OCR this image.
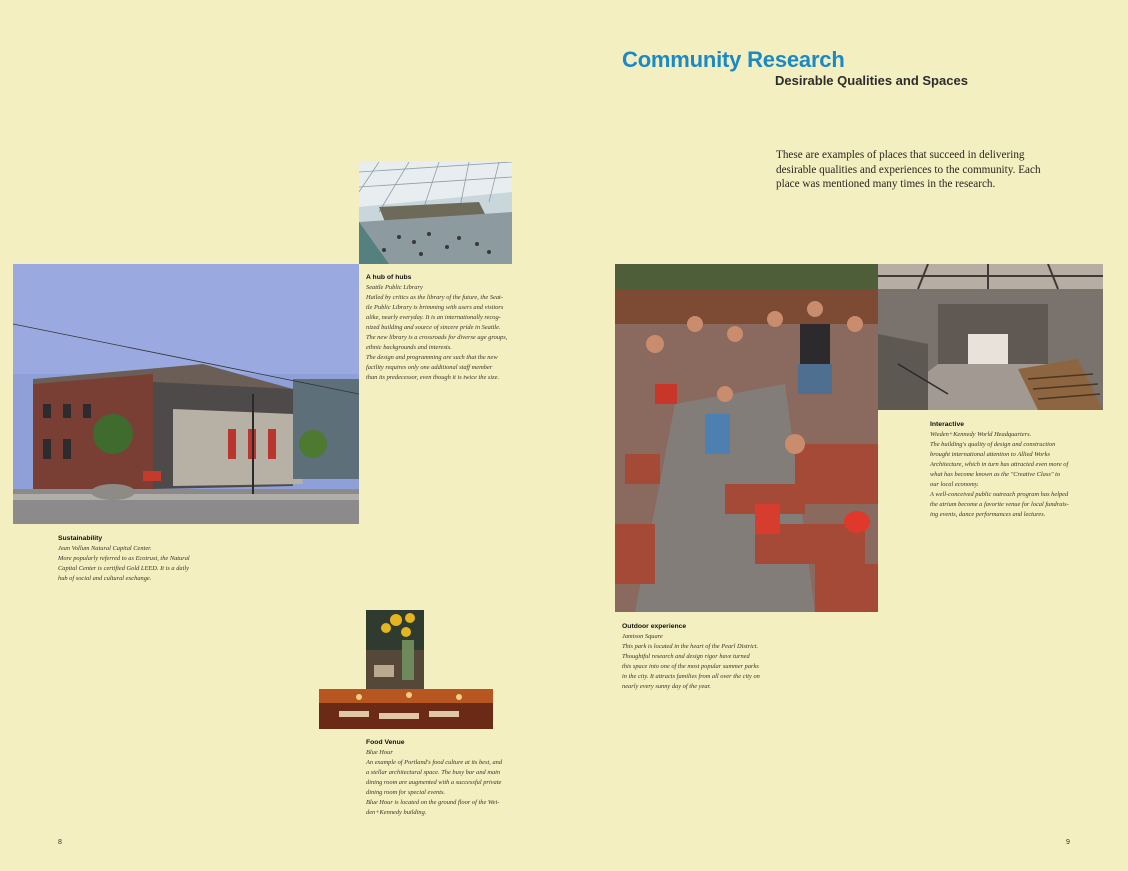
Community Research
Desirable Qualities and Spaces

These are examples of places that succeed in delivering desirable qualities and experiences to the community. Each place was mentioned many times in the research.

A hub of hubs
Seattle Public Library
Hailed by critics as the library of the future, the Seat-
tle Public Library is brimming with users and visitors
alike, nearly everyday. It is an internationally recog-
nized building and source of sincere pride in Seattle.
The new library is a crossroads for diverse age groups,
ethnic backgrounds and interests.
The design and programming are such that the new
facility requires only one additional staff member
than its predecessor, even though it is twice the size.
Sustainability
Jean Vollum Natural Capital Center.
More popularly referred to as Ecotrust, the Natural
Capital Center is certified Gold LEED. It is a daily
hub of social and cultural exchange.
Food Venue
Blue Hour
An example of Portland's food culture at its best, and
a stellar architectural space. The busy bar and main
dining room are augmented with a successful private
dining room for special events.
Blue Hour is located on the ground floor of the Wei-
den+Kennedy building.
Outdoor experience
Jamison Square
This park is located in the heart of the Pearl District.
Thoughtful research and design rigor have turned
this space into one of the most popular summer parks
in the city. It attracts families from all over the city on
nearly every sunny day of the year.
Interactive
Wieden+Kennedy World Headquarters.
The building's quality of design and construction
brought international attention to Allied Works
Architecture, which in turn has attracted even more of
what has become known as the "Creative Class" to
our local economy.
A well-conceived public outreach program has helped
the atrium become a favorite venue for local fundrais-
ing events, dance performances and lectures.
8	9
